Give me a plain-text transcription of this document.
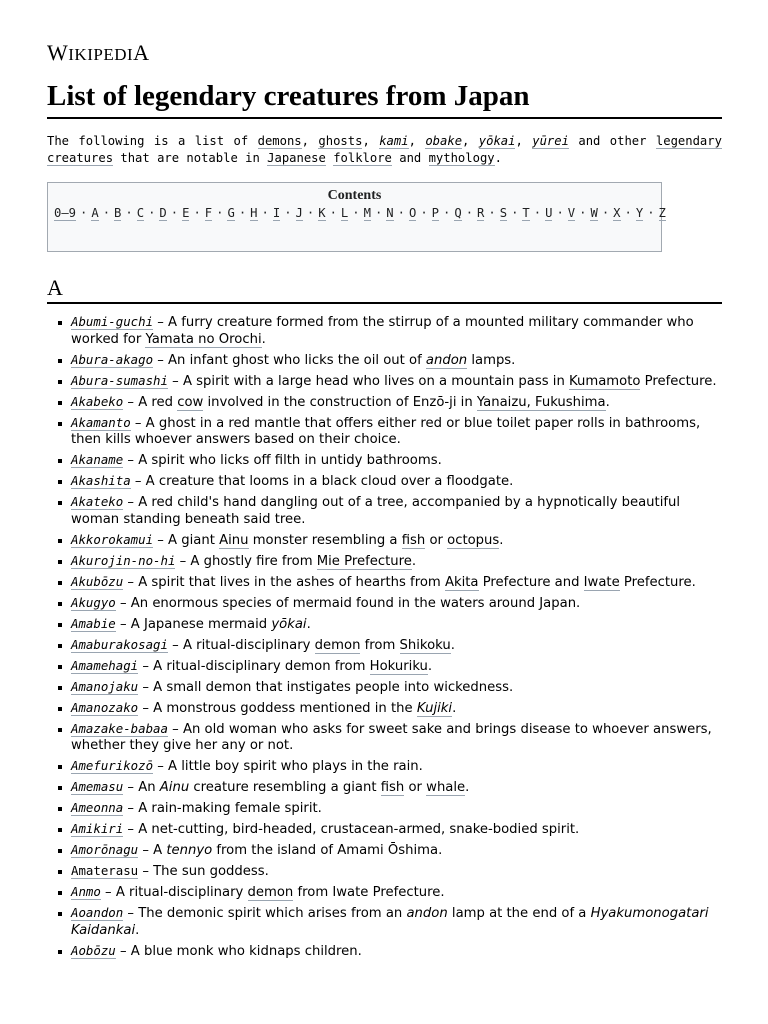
WIKIPEDIA
List of legendary creatures from Japan

The following is a list of demons, ghosts, kami, obake, yōkai, yūrei and other legendary creatures that are notable in Japanese folklore and mythology.

Contents
0–9 · A · B · C · D · E · F · G · H · I · J · K · L · M · N · O · P · Q · R · S · T · U · V · W · X · Y · Z
A
Abumi-guchi – A furry creature formed from the stirrup of a mounted military commander who worked for Yamata no Orochi.
Abura-akago – An infant ghost who licks the oil out of andon lamps.
Abura-sumashi – A spirit with a large head who lives on a mountain pass in Kumamoto Prefecture.
Akabeko – A red cow involved in the construction of Enzō-ji in Yanaizu, Fukushima.
Akamanto – A ghost in a red mantle that offers either red or blue toilet paper rolls in bathrooms, then kills whoever answers based on their choice.
Akaname – A spirit who licks off filth in untidy bathrooms.
Akashita – A creature that looms in a black cloud over a floodgate.
Akateko – A red child's hand dangling out of a tree, accompanied by a hypnotically beautiful woman standing beneath said tree.
Akkorokamui – A giant Ainu monster resembling a fish or octopus.
Akurojin-no-hi – A ghostly fire from Mie Prefecture.
Akubōzu – A spirit that lives in the ashes of hearths from Akita Prefecture and Iwate Prefecture.
Akugyo – An enormous species of mermaid found in the waters around Japan.
Amabie – A Japanese mermaid yōkai.
Amaburakosagi – A ritual-disciplinary demon from Shikoku.
Amamehagi – A ritual-disciplinary demon from Hokuriku.
Amanojaku – A small demon that instigates people into wickedness.
Amanozako – A monstrous goddess mentioned in the Kujiki.
Amazake-babaa – An old woman who asks for sweet sake and brings disease to whoever answers, whether they give her any or not.
Amefurikozō – A little boy spirit who plays in the rain.
Amemasu – An Ainu creature resembling a giant fish or whale.
Ameonna – A rain-making female spirit.
Amikiri – A net-cutting, bird-headed, crustacean-armed, snake-bodied spirit.
Amorōnagu – A tennyo from the island of Amami Ōshima.
Amaterasu – The sun goddess.
Anmo – A ritual-disciplinary demon from Iwate Prefecture.
Aoandon – The demonic spirit which arises from an andon lamp at the end of a Hyakumonogatari Kaidankai.
Aobōzu – A blue monk who kidnaps children.
